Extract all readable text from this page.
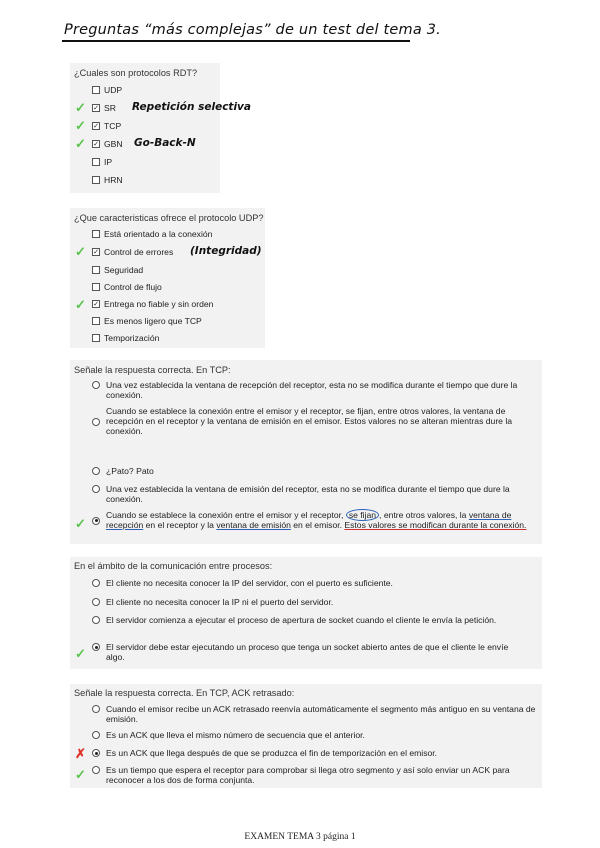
Preguntas “más complejas” de un test del tema 3.
¿Cuales son protocolos RDT?
UDP
✓ ✓ SR Repetición selectiva
✓ ✓ TCP
✓ ✓ GBN Go-Back-N
IP
HRN
¿Que caracteristicas ofrece el protocolo UDP?
Está orientado a la conexión
✓ ✓ Control de errores (Integridad)
Seguridad
Control de flujo
✓ ✓ Entrega no fiable y sin orden
Es menos ligero que TCP
Temporización
Señale la respuesta correcta. En TCP:
Una vez establecida la ventana de recepción del receptor, esta no se modifica durante el tiempo que dure la conexión.
Cuando se establece la conexión entre el emisor y el receptor, se fijan, entre otros valores, la ventana de recepción en el receptor y la ventana de emisión en el emisor. Estos valores no se alteran mientras dure la conexión.
¿Pato? Pato
Una vez establecida la ventana de emisión del receptor, esta no se modifica durante el tiempo que dure la conexión.
✓
Cuando se establece la conexión entre el emisor y el receptor, se fijan , entre otros valores, la ventana de recepción en el receptor y la ventana de emisión en el emisor. Estos valores se modifican durante la conexión.
En el ámbito de la comunicación entre procesos:
El cliente no necesita conocer la IP del servidor, con el puerto es suficiente.
El cliente no necesita conocer la IP ni el puerto del servidor.
El servidor comienza a ejecutar el proceso de apertura de socket cuando el cliente le envía la petición.
✓ El servidor debe estar ejecutando un proceso que tenga un socket abierto antes de que el cliente le envíe algo.
Señale la respuesta correcta. En TCP, ACK retrasado:
Cuando el emisor recibe un ACK retrasado reenvía automáticamente el segmento más antiguo en su ventana de emisión.
Es un ACK que lleva el mismo número de secuencia que el anterior.
✗ Es un ACK que llega después de que se produzca el fin de temporización en el emisor.
✓ Es un tiempo que espera el receptor para comprobar si llega otro segmento y así solo enviar un ACK para reconocer a los dos de forma conjunta.
EXAMEN TEMA 3 página 1
